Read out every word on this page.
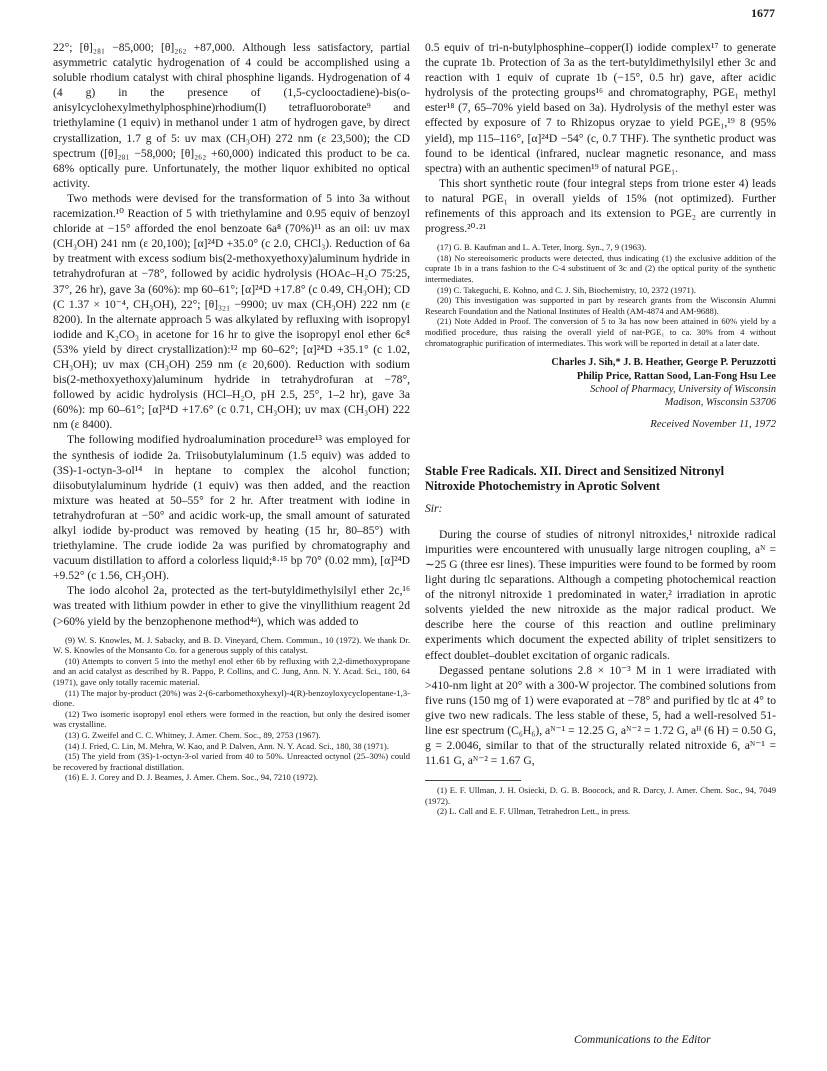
1677

22°; [θ]₂₈₁ −85,000; [θ]₂₆₂ +87,000. Although less satisfactory, partial asymmetric catalytic hydrogenation of 4 could be accomplished using a soluble rhodium catalyst with chiral phosphine ligands. Hydrogenation of 4 (4 g) in the presence of (1,5-cyclooctadiene)-bis(o-anisylcyclohexylmethylphosphine)rhodium(I) tetrafluoroborate⁹ and triethylamine (1 equiv) in methanol under 1 atm of hydrogen gave, by direct crystallization, 1.7 g of 5: uv max (CH₃OH) 272 nm (ε 23,500); the CD spectrum ([θ]₂₈₁ −58,000; [θ]₂₆₂ +60,000) indicated this product to be ca. 68% optically pure. Unfortunately, the mother liquor exhibited no optical activity.

Two methods were devised for the transformation of 5 into 3a without racemization.¹⁰ Reaction of 5 with triethylamine and 0.95 equiv of benzoyl chloride at −15° afforded the enol benzoate 6a⁸ (70%)¹¹ as an oil: uv max (CH₃OH) 241 nm (ε 20,100); [α]²⁴D +35.0° (c 2.0, CHCl₃). Reduction of 6a by treatment with excess sodium bis(2-methoxyethoxy)aluminum hydride in tetrahydrofuran at −78°, followed by acidic hydrolysis (HOAc–H₂O 75:25, 37°, 26 hr), gave 3a (60%): mp 60–61°; [α]²⁴D +17.8° (c 0.49, CH₃OH); CD (C 1.37 × 10⁻⁴, CH₃OH), 22°; [θ]₃₂₁ −9900; uv max (CH₃OH) 222 nm (ε 8200). In the alternate approach 5 was alkylated by refluxing with isopropyl iodide and K₂CO₃ in acetone for 16 hr to give the isopropyl enol ether 6c⁸ (53% yield by direct crystallization):¹² mp 60–62°; [α]²⁴D +35.1° (c 1.02, CH₃OH); uv max (CH₃OH) 259 nm (ε 20,600). Reduction with sodium bis(2-methoxyethoxy)aluminum hydride in tetrahydrofuran at −78°, followed by acidic hydrolysis (HCl–H₂O, pH 2.5, 25°, 1–2 hr), gave 3a (60%): mp 60–61°; [α]²⁴D +17.6° (c 0.71, CH₃OH); uv max (CH₃OH) 222 nm (ε 8400).

The following modified hydroalumination procedure¹³ was employed for the synthesis of iodide 2a. Triisobutylaluminum (1.5 equiv) was added to (3S)-1-octyn-3-ol¹⁴ in heptane to complex the alcohol function; diisobutylaluminum hydride (1 equiv) was then added, and the reaction mixture was heated at 50–55° for 2 hr. After treatment with iodine in tetrahydrofuran at −50° and acidic work-up, the small amount of saturated alkyl iodide by-product was removed by heating (15 hr, 80–85°) with triethylamine. The crude iodide 2a was purified by chromatography and vacuum distillation to afford a colorless liquid;⁸·¹⁵ bp 70° (0.02 mm), [α]²⁴D +9.52° (c 1.56, CH₃OH).

The iodo alcohol 2a, protected as the tert-butyldimethylsilyl ether 2c,¹⁶ was treated with lithium powder in ether to give the vinyllithium reagent 2d (>60% yield by the benzophenone method⁴ᵃ), which was added to

(9) W. S. Knowles, M. J. Sabacky, and B. D. Vineyard, Chem. Commun., 10 (1972). We thank Dr. W. S. Knowles of the Monsanto Co. for a generous supply of this catalyst.

(10) Attempts to convert 5 into the methyl enol ether 6b by refluxing with 2,2-dimethoxypropane and an acid catalyst as described by R. Pappo, P. Collins, and C. Jung, Ann. N. Y. Acad. Sci., 180, 64 (1971), gave only totally racemic material.

(11) The major by-product (20%) was 2-(6-carbomethoxyhexyl)-4(R)-benzoyloxycyclopentane-1,3-dione.

(12) Two isomeric isopropyl enol ethers were formed in the reaction, but only the desired isomer was crystalline.

(13) G. Zweifel and C. C. Whitney, J. Amer. Chem. Soc., 89, 2753 (1967).

(14) J. Fried, C. Lin, M. Mehra, W. Kao, and P. Dalven, Ann. N. Y. Acad. Sci., 180, 38 (1971).

(15) The yield from (3S)-1-octyn-3-ol varied from 40 to 50%. Unreacted octynol (25–30%) could be recovered by fractional distillation.

(16) E. J. Corey and D. J. Beames, J. Amer. Chem. Soc., 94, 7210 (1972).

0.5 equiv of tri-n-butylphosphine–copper(I) iodide complex¹⁷ to generate the cuprate 1b. Protection of 3a as the tert-butyldimethylsilyl ether 3c and reaction with 1 equiv of cuprate 1b (−15°, 0.5 hr) gave, after acidic hydrolysis of the protecting groups¹⁶ and chromatography, PGE₁ methyl ester¹⁸ (7, 65–70% yield based on 3a). Hydrolysis of the methyl ester was effected by exposure of 7 to Rhizopus oryzae to yield PGE₁,¹⁹ 8 (95% yield), mp 115–116°, [α]²⁴D −54° (c, 0.7 THF). The synthetic product was found to be identical (infrared, nuclear magnetic resonance, and mass spectra) with an authentic specimen¹⁹ of natural PGE₁.

This short synthetic route (four integral steps from trione ester 4) leads to natural PGE₁ in overall yields of 15% (not optimized). Further refinements of this approach and its extension to PGE₂ are currently in progress.²⁰·²¹

(17) G. B. Kaufman and L. A. Teter, Inorg. Syn., 7, 9 (1963).

(18) No stereoisomeric products were detected, thus indicating (1) the exclusive addition of the cuprate 1b in a trans fashion to the C-4 substituent of 3c and (2) the optical purity of the synthetic intermediates.

(19) C. Takeguchi, E. Kohno, and C. J. Sih, Biochemistry, 10, 2372 (1971).

(20) This investigation was supported in part by research grants from the Wisconsin Alumni Research Foundation and the National Institutes of Health (AM-4874 and AM-9688).

(21) Note Added in Proof. The conversion of 5 to 3a has now been attained in 60% yield by a modified procedure, thus raising the overall yield of nat-PGE₁ to ca. 30% from 4 without chromatographic purification of intermediates. This work will be reported in detail at a later date.

Charles J. Sih,* J. B. Heather, George P. Peruzzotti
Philip Price, Rattan Sood, Lan-Fong Hsu Lee
School of Pharmacy, University of Wisconsin
Madison, Wisconsin 53706
Received November 11, 1972
Stable Free Radicals. XII. Direct and Sensitized Nitronyl Nitroxide Photochemistry in Aprotic Solvent
Sir:

During the course of studies of nitronyl nitroxides,¹ nitroxide radical impurities were encountered with unusually large nitrogen coupling, aᴺ = ∼25 G (three esr lines). These impurities were found to be formed by room light during tlc separations. Although a competing photochemical reaction of the nitronyl nitroxide 1 predominated in water,² irradiation in aprotic solvents yielded the new nitroxide as the major radical product. We describe here the course of this reaction and outline preliminary experiments which document the expected ability of triplet sensitizers to effect doublet–doublet excitation of organic radicals.

Degassed pentane solutions 2.8 × 10⁻³ M in 1 were irradiated with >410-nm light at 20° with a 300-W projector. The combined solutions from five runs (150 mg of 1) were evaporated at −78° and purified by tlc at 4° to give two new radicals. The less stable of these, 5, had a well-resolved 51-line esr spectrum (C₆H₆), aᴺ⁻¹ = 12.25 G, aᴺ⁻² = 1.72 G, aᴴ (6 H) = 0.50 G, g = 2.0046, similar to that of the structurally related nitroxide 6, aᴺ⁻¹ = 11.61 G, aᴺ⁻² = 1.67 G,

(1) E. F. Ullman, J. H. Osiecki, D. G. B. Boocock, and R. Darcy, J. Amer. Chem. Soc., 94, 7049 (1972).

(2) L. Call and E. F. Ullman, Tetrahedron Lett., in press.

Communications to the Editor
